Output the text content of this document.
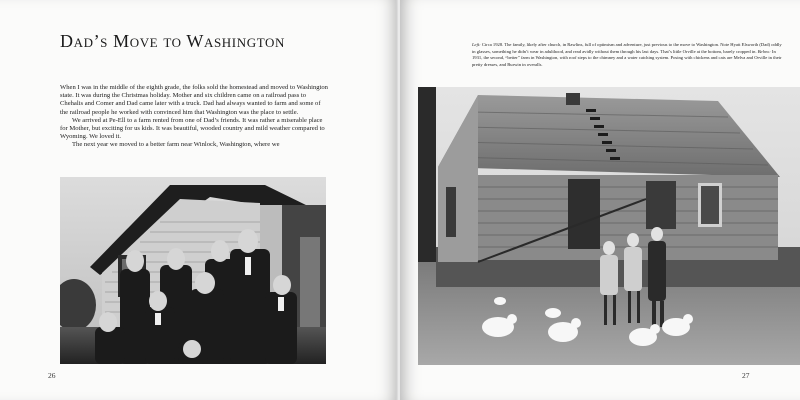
Dad’s Move to Washington

When I was in the middle of the eighth grade, the folks sold the homestead and moved to Washington state. It was during the Christmas holiday. Mother and six children came on a railroad pass to Chehalis and Comer and Dad came later with a truck. Dad had always wanted to farm and some of the railroad people he worked with convinced him that Washington was the place to settle.

We arrived at Pe-Ell to a farm rented from one of Dad’s friends. It was rather a miserable place for Mother, but exciting for us kids. It was beautiful, wooded country and mild weather compared to Wyoming. We loved it.

The next year we moved to a better farm near Winlock, Washington, where we

26

Left: Circa 1928. The family, likely after church, in Rawlins, full of optimism and adventure, just previous to the move to Washington. Note Hyatt Elsworth (Dad) oddly in glasses, something he didn’t wear in adulthood, and read avidly without them through his last days. That’s little Orville at the bottom, barely cropped in. Below: In 1931, the second, “better” farm in Washington, with roof steps to the chimney and a water catching system. Posing with chickens and cats are Melva and Orville in their pretty dresses, and Burwin in overalls.

27
